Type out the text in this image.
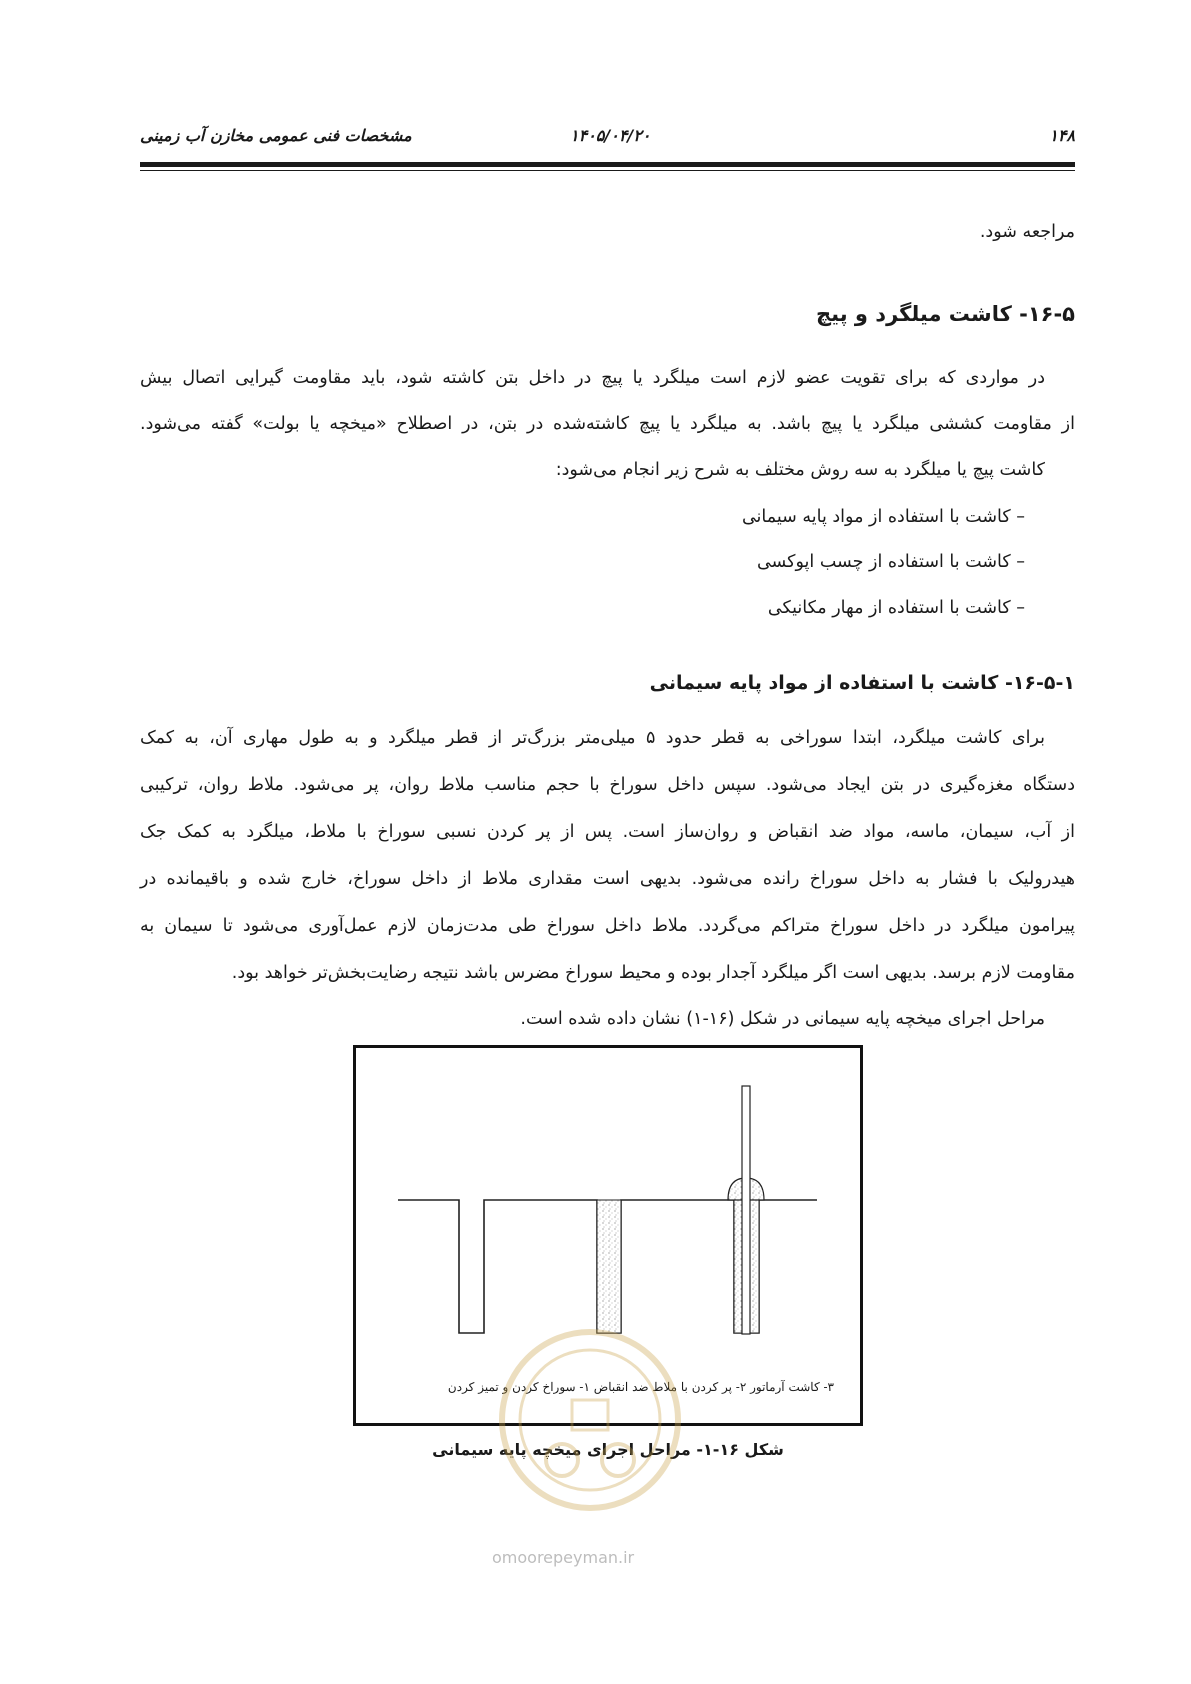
۱۴۸
۱۴۰۵/۰۴/۲۰
مشخصات فنی عمومی مخازن آب زمینی
مراجعه شود.
۱۶-۵- کاشت میلگرد و پیچ
در مواردی که برای تقویت عضو لازم است میلگرد یا پیچ در داخل بتن کاشته شود، باید مقاومت گیرایی اتصال بیش
از مقاومت کششی میلگرد یا پیچ باشد. به میلگرد یا پیچ کاشته‌شده در بتن، در اصطلاح «میخچه یا بولت» گفته می‌شود.
کاشت پیچ یا میلگرد به سه روش مختلف به شرح زیر انجام می‌شود:
– کاشت با استفاده از مواد پایه سیمانی
– کاشت با استفاده از چسب اپوکسی
– کاشت با استفاده از مهار مکانیکی
۱۶-۵-۱- کاشت با استفاده از مواد پایه سیمانی
برای کاشت میلگرد، ابتدا سوراخی به قطر حدود ۵ میلی‌متر بزرگ‌تر از قطر میلگرد و به طول مهاری آن، به کمک
دستگاه مغزه‌گیری در بتن ایجاد می‌شود. سپس داخل سوراخ با حجم مناسب ملاط روان، پر می‌شود. ملاط روان، ترکیبی
از آب، سیمان، ماسه، مواد ضد انقباض و روان‌ساز است. پس از پر کردن نسبی سوراخ با ملاط، میلگرد به کمک جک
هیدرولیک با فشار به داخل سوراخ رانده می‌شود. بدیهی است مقداری ملاط از داخل سوراخ، خارج شده و باقیمانده در
پیرامون میلگرد در داخل سوراخ متراکم می‌گردد. ملاط داخل سوراخ طی مدت‌زمان لازم عمل‌آوری می‌شود تا سیمان به
مقاومت لازم برسد. بدیهی است اگر میلگرد آجدار بوده و محیط سوراخ مضرس باشد نتیجه رضایت‌بخش‌تر خواهد بود.
مراحل اجرای میخچه پایه سیمانی در شکل (۱۶-۱) نشان داده شده است.
۳- کاشت آرماتور ۲- پر کردن با ملاط ضد انقباض ۱- سوراخ کردن و تمیز کردن
شکل ۱۶-۱- مراحل اجرای میخچه پایه سیمانی
omoorepeyman.ir
